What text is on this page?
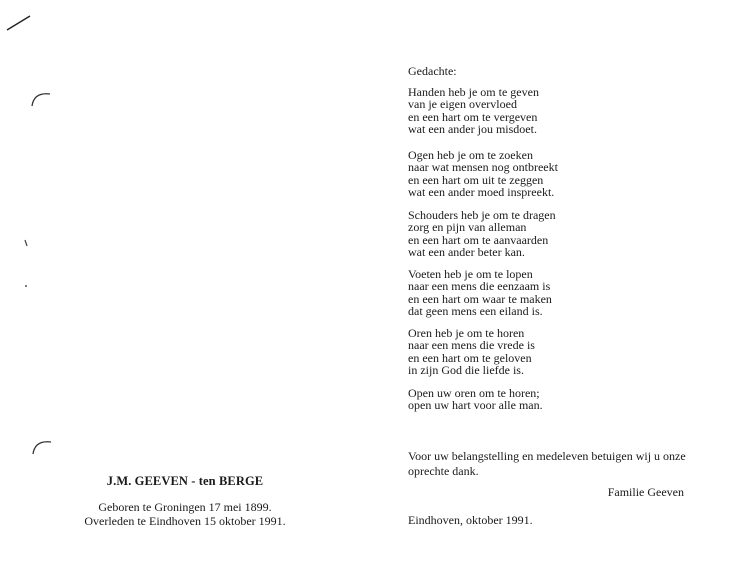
J.M. GEEVEN - ten BERGE
Geboren te Groningen 17 mei 1899.
Overleden te Eindhoven 15 oktober 1991.
Gedachte:
Handen heb je om te geven
van je eigen overvloed
en een hart om te vergeven
wat een ander jou misdoet.
Ogen heb je om te zoeken
naar wat mensen nog ontbreekt
en een hart om uit te zeggen
wat een ander moed inspreekt.
Schouders heb je om te dragen
zorg en pijn van alleman
en een hart om te aanvaarden
wat een ander beter kan.
Voeten heb je om te lopen
naar een mens die eenzaam is
en een hart om waar te maken
dat geen mens een eiland is.
Oren heb je om te horen
naar een mens die vrede is
en een hart om te geloven
in zijn God die liefde is.
Open uw oren om te horen;
open uw hart voor alle man.
Voor uw belangstelling en medeleven betuigen wij u onze oprechte dank.
Familie Geeven
Eindhoven, oktober 1991.
